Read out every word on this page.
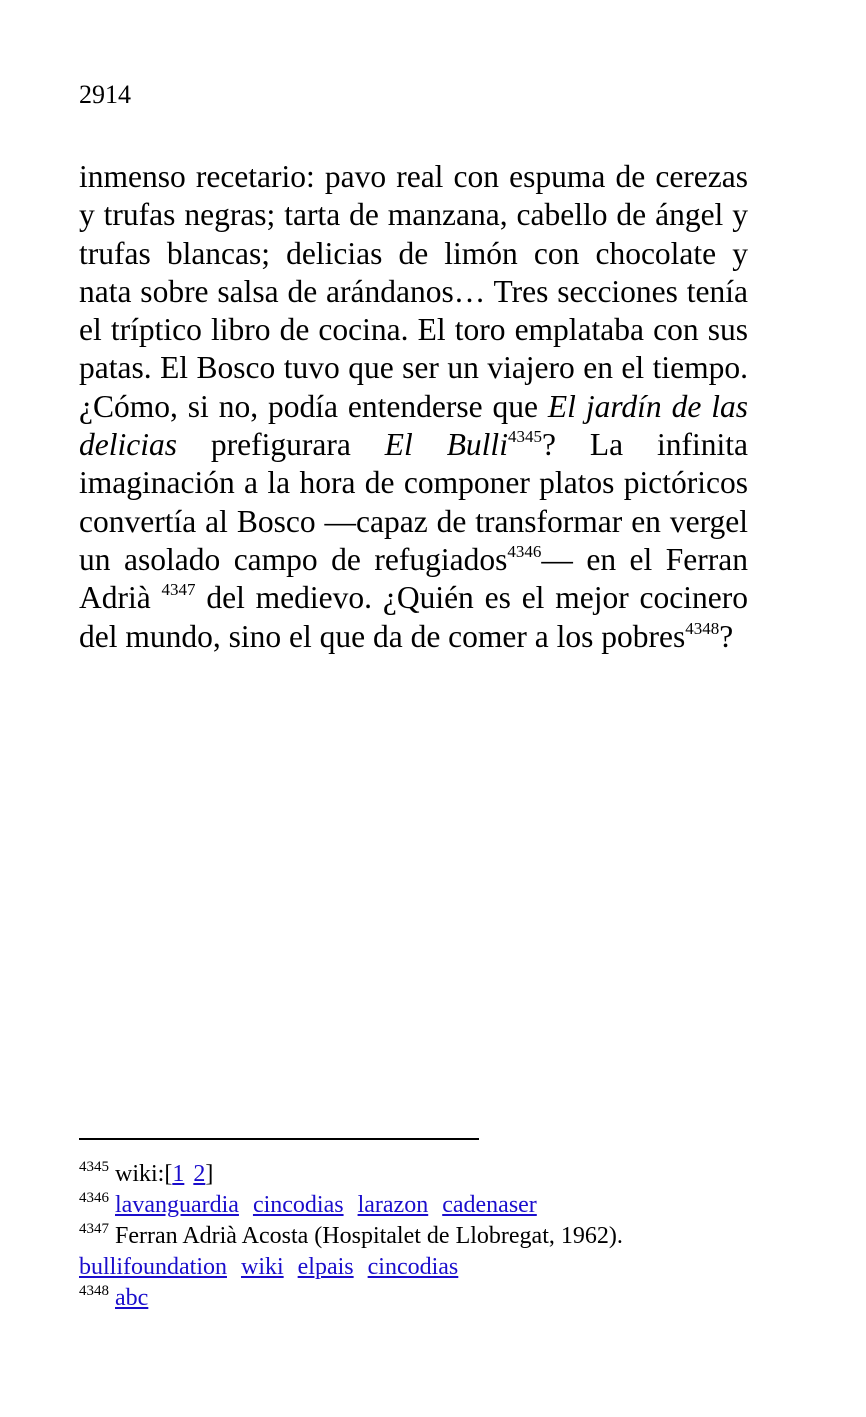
2914

inmenso recetario: pavo real con espuma de cerezas y trufas negras; tarta de manzana, cabello de ángel y trufas blancas; delicias de limón con chocolate y nata sobre salsa de arándanos… Tres secciones tenía el tríptico libro de cocina. El toro emplataba con sus patas. El Bosco tuvo que ser un viajero en el tiempo. ¿Cómo, si no, podía entenderse que El jardín de las delicias prefigurara El Bulli$^{4345}$? La infinita imaginación a la hora de componer platos pictóricos convertía al Bosco ―capaz de transformar en vergel un asolado campo de refugiados$^{4346}$― en el Ferran Adrià $^{4347}$ del medievo. ¿Quién es el mejor cocinero del mundo, sino el que da de comer a los pobres$^{4348}$?

$^{4345}$ wiki:[1 2]
$^{4346}$ lavanguardia cincodias larazon cadenaser
$^{4347}$ Ferran Adrià Acosta (Hospitalet de Llobregat, 1962).
bullifoundation wiki elpais cincodias
$^{4348}$ abc
